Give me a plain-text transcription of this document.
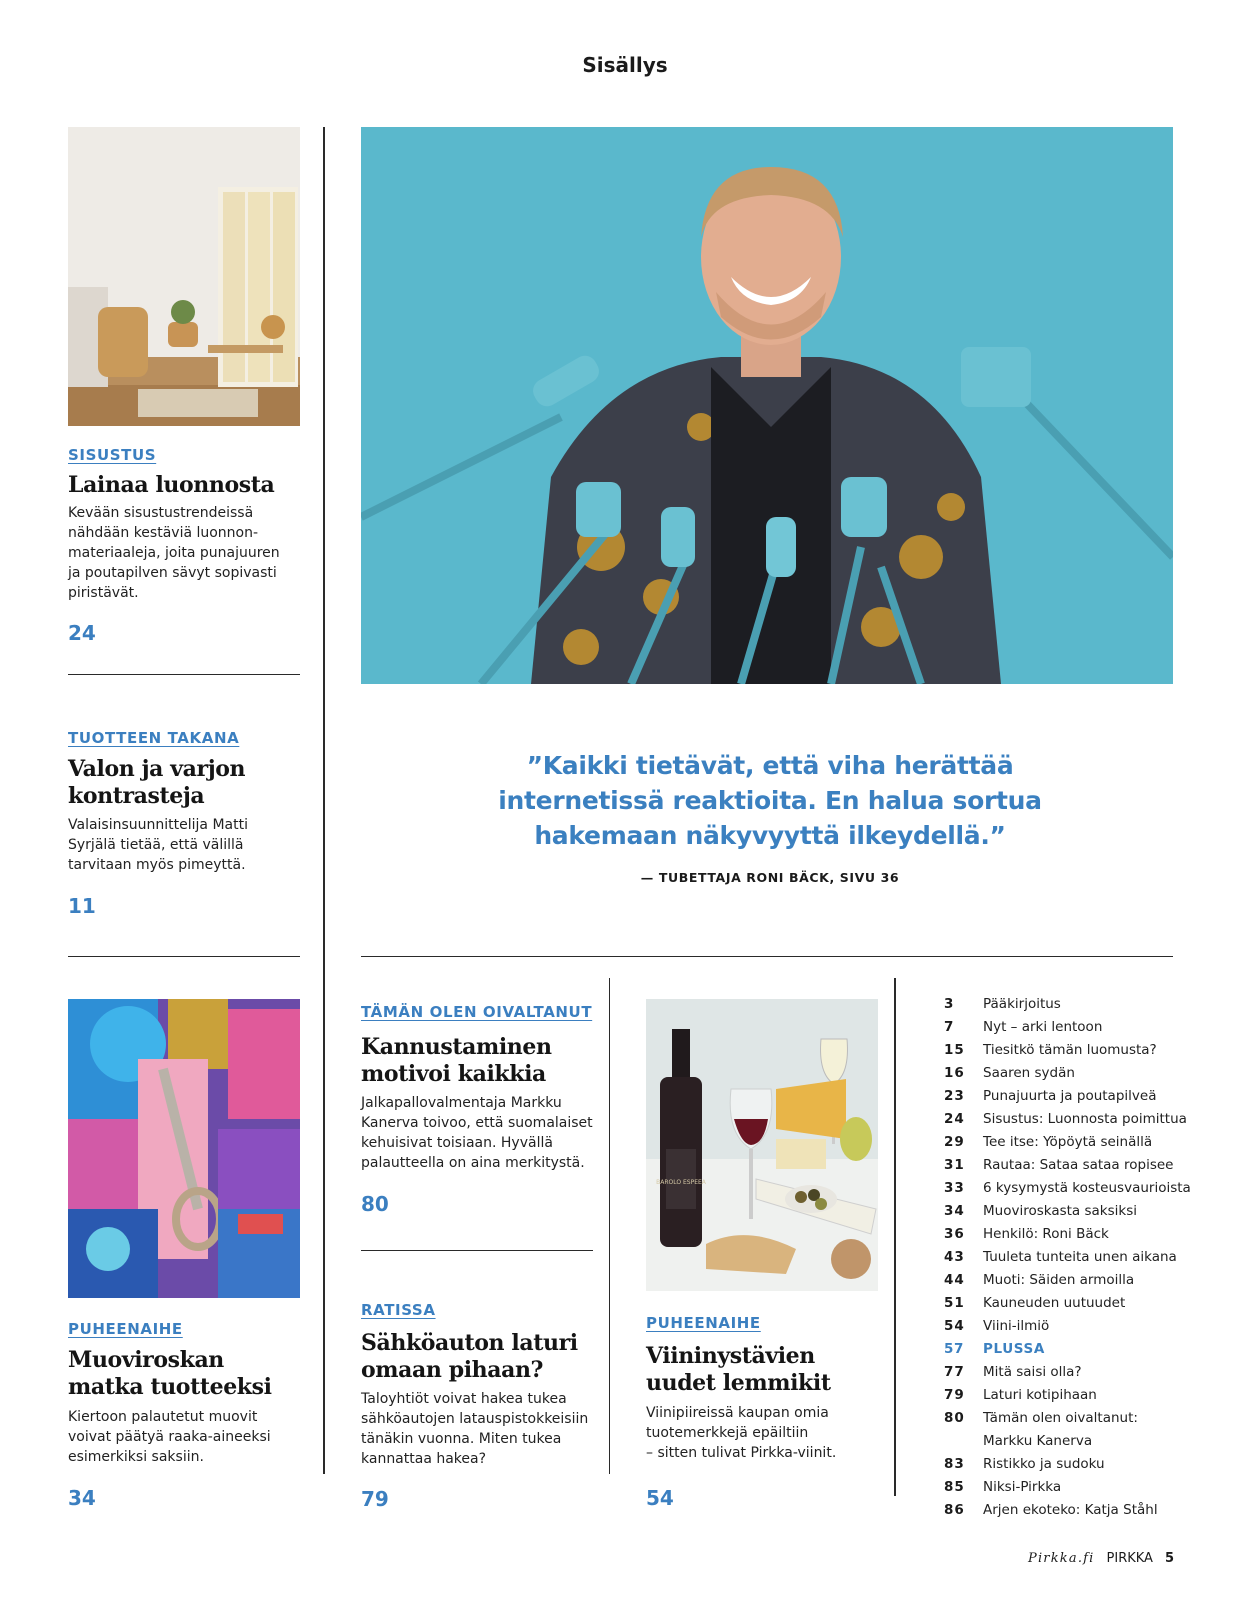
Sisällys
BAROLO ESPEEA
SISUSTUS
Lainaa luonnosta
Kevään sisustustrendeissä
nähdään kestäviä luonnon-
materiaaleja, joita punajuuren
ja poutapilven sävyt sopivasti
piristävät.
24
TUOTTEEN TAKANA
Valon ja varjon
kontrasteja
Valaisinsuunnittelija Matti
Syrjälä tietää, että välillä
tarvitaan myös pimeyttä.
11
”Kaikki tietävät, että viha herättää
internetissä reaktioita. En halua sortua
hakemaan näkyvyyttä ilkeydellä.”
— TUBETTAJA RONI BÄCK, SIVU 36
PUHEENAIHE
Muoviroskan
matka tuotteeksi
Kiertoon palautetut muovit
voivat päätyä raaka-aineeksi
esimerkiksi saksiin.
34
TÄMÄN OLEN OIVALTANUT
Kannustaminen
motivoi kaikkia
Jalkapallovalmentaja Markku
Kanerva toivoo, että suomalaiset
kehuisivat toisiaan. Hyvällä
palautteella on aina merkitystä.
80
RATISSA
Sähköauton laturi
omaan pihaan?
Taloyhtiöt voivat hakea tukea
sähköautojen latauspistokkeisiin
tänäkin vuonna. Miten tukea
kannattaa hakea?
79
PUHEENAIHE
Viininystävien
uudet lemmikit
Viinipiireissä kaupan omia
tuotemerkkejä epäiltiin
– sitten tulivat Pirkka-viinit.
54
3	Pääkirjoitus
7	Nyt – arki lentoon
15	Tiesitkö tämän luomusta?
16	Saaren sydän
23	Punajuurta ja poutapilveä
24	Sisustus: Luonnosta poimittua
29	Tee itse: Yöpöytä seinällä
31	Rautaa: Sataa sataa ropisee
33	6 kysymystä kosteusvaurioista
34	Muoviroskasta saksiksi
36	Henkilö: Roni Bäck
43	Tuuleta tunteita unen aikana
44	Muoti: Säiden armoilla
51	Kauneuden uutuudet
54	Viini-ilmiö
57	PLUSSA
77	Mitä saisi olla?
79	Laturi kotipihaan
80	Tämän olen oivaltanut:
Markku Kanerva
83	Ristikko ja sudoku
85	Niksi-Pirkka
86	Arjen ekoteko: Katja Ståhl
Pirkka.fi PIRKKA 5
